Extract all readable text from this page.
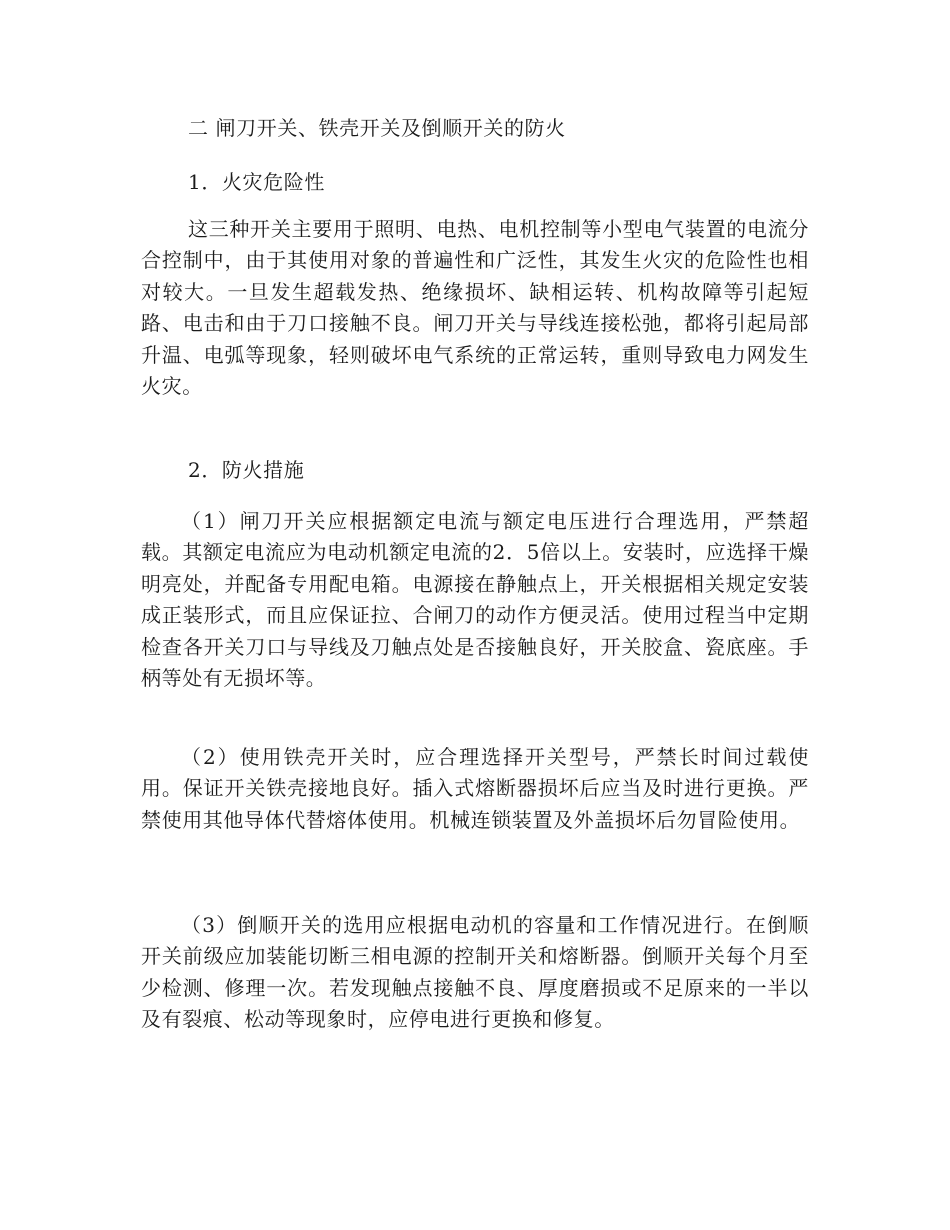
二 闸刀开关、铁壳开关及倒顺开关的防火
1．火灾危险性
这三种开关主要用于照明、电热、电机控制等小型电气装置的电流分合控制中，由于其使用对象的普遍性和广泛性，其发生火灾的危险性也相对较大。一旦发生超载发热、绝缘损坏、缺相运转、机构故障等引起短路、电击和由于刀口接触不良。闸刀开关与导线连接松弛，都将引起局部升温、电弧等现象，轻则破坏电气系统的正常运转，重则导致电力网发生火灾。
2．防火措施
（1）闸刀开关应根据额定电流与额定电压进行合理选用，严禁超载。其额定电流应为电动机额定电流的2．5倍以上。安装时，应选择干燥明亮处，并配备专用配电箱。电源接在静触点上，开关根据相关规定安装成正装形式，而且应保证拉、合闸刀的动作方便灵活。使用过程当中定期检查各开关刀口与导线及刀触点处是否接触良好，开关胶盒、瓷底座。手柄等处有无损坏等。
（2）使用铁壳开关时，应合理选择开关型号，严禁长时间过载使用。保证开关铁壳接地良好。插入式熔断器损坏后应当及时进行更换。严禁使用其他导体代替熔体使用。机械连锁装置及外盖损坏后勿冒险使用。
（3）倒顺开关的选用应根据电动机的容量和工作情况进行。在倒顺开关前级应加装能切断三相电源的控制开关和熔断器。倒顺开关每个月至少检测、修理一次。若发现触点接触不良、厚度磨损或不足原来的一半以及有裂痕、松动等现象时，应停电进行更换和修复。
